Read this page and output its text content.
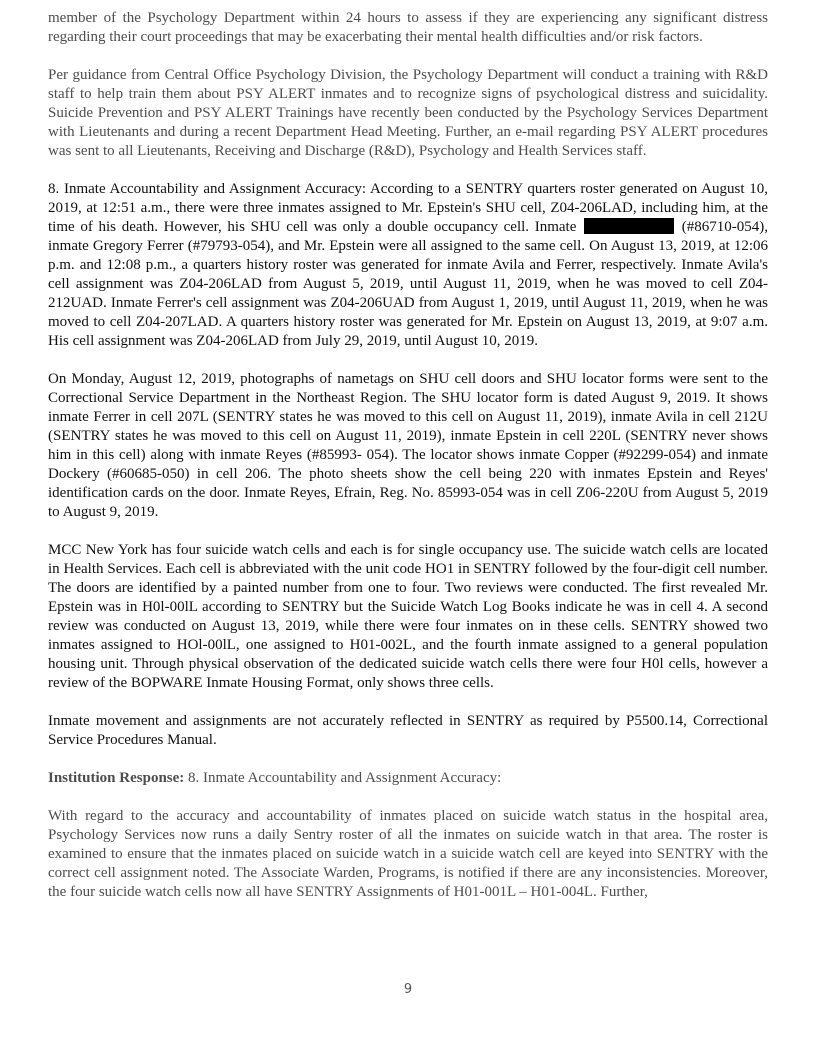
member of the Psychology Department within 24 hours to assess if they are experiencing any significant distress regarding their court proceedings that may be exacerbating their mental health difficulties and/or risk factors.

Per guidance from Central Office Psychology Division, the Psychology Department will conduct a training with R&D staff to help train them about PSY ALERT inmates and to recognize signs of psychological distress and suicidality. Suicide Prevention and PSY ALERT Trainings have recently been conducted by the Psychology Services Department with Lieutenants and during a recent Department Head Meeting. Further, an e-mail regarding PSY ALERT procedures was sent to all Lieutenants, Receiving and Discharge (R&D), Psychology and Health Services staff.

8. Inmate Accountability and Assignment Accuracy: According to a SENTRY quarters roster generated on August 10, 2019, at 12:51 a.m., there were three inmates assigned to Mr. Epstein's SHU cell, Z04-206LAD, including him, at the time of his death. However, his SHU cell was only a double occupancy cell. Inmate	(#86710-054), inmate Gregory Ferrer (#79793-054), and Mr. Epstein were all assigned to the same cell. On August 13, 2019, at 12:06 p.m. and 12:08 p.m., a quarters history roster was generated for inmate Avila and Ferrer, respectively. Inmate Avila's cell assignment was Z04-206LAD from August 5, 2019, until August 11, 2019, when he was moved to cell Z04-212UAD. Inmate Ferrer's cell assignment was Z04-206UAD from August 1, 2019, until August 11, 2019, when he was moved to cell Z04-207LAD. A quarters history roster was generated for Mr. Epstein on August 13, 2019, at 9:07 a.m. His cell assignment was Z04-206LAD from July 29, 2019, until August 10, 2019.

On Monday, August 12, 2019, photographs of nametags on SHU cell doors and SHU locator forms were sent to the Correctional Service Department in the Northeast Region. The SHU locator form is dated August 9, 2019. It shows inmate Ferrer in cell 207L (SENTRY states he was moved to this cell on August 11, 2019), inmate Avila in cell 212U (SENTRY states he was moved to this cell on August 11, 2019), inmate Epstein in cell 220L (SENTRY never shows him in this cell) along with inmate Reyes (#85993- 054). The locator shows inmate Copper (#92299-054) and inmate Dockery (#60685-050) in cell 206. The photo sheets show the cell being 220 with inmates Epstein and Reyes' identification cards on the door. Inmate Reyes, Efrain, Reg. No. 85993-054 was in cell Z06-220U from August 5, 2019 to August 9, 2019.

MCC New York has four suicide watch cells and each is for single occupancy use. The suicide watch cells are located in Health Services. Each cell is abbreviated with the unit code HO1 in SENTRY followed by the four-digit cell number. The doors are identified by a painted number from one to four. Two reviews were conducted. The first revealed Mr. Epstein was in H0l-00lL according to SENTRY but the Suicide Watch Log Books indicate he was in cell 4. A second review was conducted on August 13, 2019, while there were four inmates on in these cells. SENTRY showed two inmates assigned to HOl-00lL, one assigned to H01-002L, and the fourth inmate assigned to a general population housing unit. Through physical observation of the dedicated suicide watch cells there were four H0l cells, however a review of the BOPWARE Inmate Housing Format, only shows three cells.

Inmate movement and assignments are not accurately reflected in SENTRY as required by P5500.14, Correctional Service Procedures Manual.

Institution Response: 8. Inmate Accountability and Assignment Accuracy:

With regard to the accuracy and accountability of inmates placed on suicide watch status in the hospital area, Psychology Services now runs a daily Sentry roster of all the inmates on suicide watch in that area. The roster is examined to ensure that the inmates placed on suicide watch in a suicide watch cell are keyed into SENTRY with the correct cell assignment noted. The Associate Warden, Programs, is notified if there are any inconsistencies. Moreover, the four suicide watch cells now all have SENTRY Assignments of H01-001L – H01-004L. Further,

9
